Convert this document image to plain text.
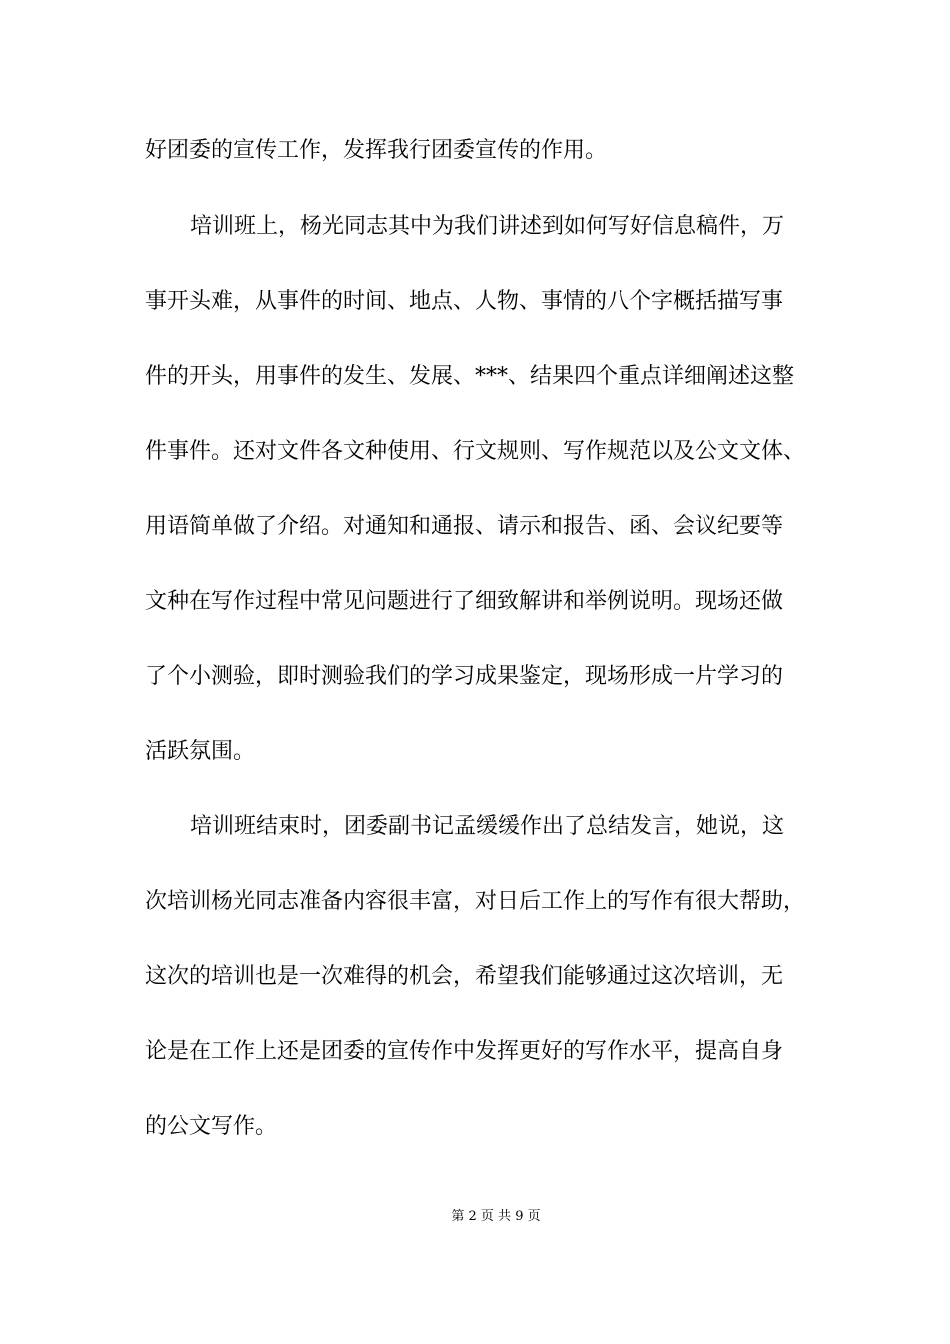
好团委的宣传工作，发挥我行团委宣传的作用。
培训班上，杨光同志其中为我们讲述到如何写好信息稿件，万
事开头难，从事件的时间、地点、人物、事情的八个字概括描写事
件的开头，用事件的发生、发展、***、结果四个重点详细阐述这整
件事件。还对文件各文种使用、行文规则、写作规范以及公文文体、
用语简单做了介绍。对通知和通报、请示和报告、函、会议纪要等
文种在写作过程中常见问题进行了细致解讲和举例说明。现场还做
了个小测验，即时测验我们的学习成果鉴定，现场形成一片学习的
活跃氛围。
培训班结束时，团委副书记孟缓缓作出了总结发言，她说，这
次培训杨光同志准备内容很丰富，对日后工作上的写作有很大帮助，
这次的培训也是一次难得的机会，希望我们能够通过这次培训，无
论是在工作上还是团委的宣传作中发挥更好的写作水平，提高自身
的公文写作。
第 2 页 共 9 页
